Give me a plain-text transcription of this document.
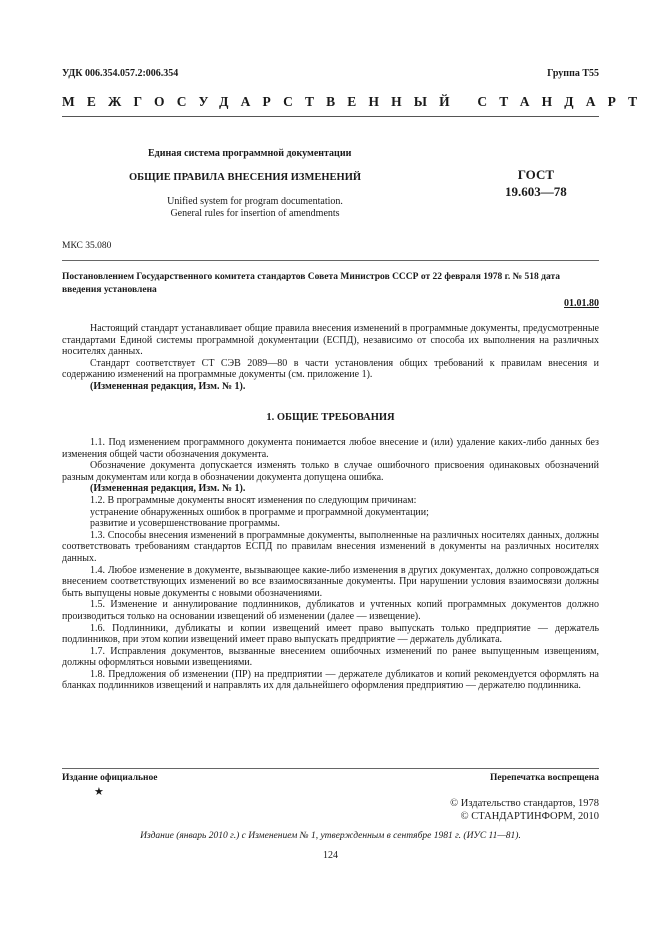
УДК 006.354.057.2:006.354	Группа Т55
МЕЖГОСУДАРСТВЕННЫЙ СТАНДАРТ
Единая система программной документации
ОБЩИЕ ПРАВИЛА ВНЕСЕНИЯ ИЗМЕНЕНИЙ	ГОСТ
19.603—78
Unified system for program documentation.
General rules for insertion of amendments
МКС 35.080
Постановлением Государственного комитета стандартов Совета Министров СССР от 22 февраля 1978 г. № 518 дата введения установлена
01.01.80

Настоящий стандарт устанавливает общие правила внесения изменений в программные документы, предусмотренные стандартами Единой системы программной документации (ЕСПД), независимо от способа их выполнения на различных носителях данных.

Стандарт соответствует СТ СЭВ 2089—80 в части установления общих требований к правилам внесения и содержанию изменений на программные документы (см. приложение 1).

(Измененная редакция, Изм. № 1).

1. ОБЩИЕ ТРЕБОВАНИЯ

1.1. Под изменением программного документа понимается любое внесение и (или) удаление каких-либо данных без изменения общей части обозначения документа.

Обозначение документа допускается изменять только в случае ошибочного присвоения одинаковых обозначений разным документам или когда в обозначении документа допущена ошибка.

(Измененная редакция, Изм. № 1).

1.2. В программные документы вносят изменения по следующим причинам:

устранение обнаруженных ошибок в программе и программной документации;

развитие и усовершенствование программы.

1.3. Способы внесения изменений в программные документы, выполненные на различных носителях данных, должны соответствовать требованиям стандартов ЕСПД по правилам внесения изменений в документы на различных носителях данных.

1.4. Любое изменение в документе, вызывающее какие-либо изменения в других документах, должно сопровождаться внесением соответствующих изменений во все взаимосвязанные документы. При нарушении условия взаимосвязи должны быть выпущены новые документы с новыми обозначениями.

1.5. Изменение и аннулирование подлинников, дубликатов и учтенных копий программных документов должно производиться только на основании извещений об изменении (далее — извещение).

1.6. Подлинники, дубликаты и копии извещений имеет право выпускать только предприятие — держатель подлинников, при этом копии извещений имеет право выпускать предприятие — держатель дубликата.

1.7. Исправления документов, вызванные внесением ошибочных изменений по ранее выпущенным извещениям, должны оформляться новыми извещениями.

1.8. Предложения об изменении (ПР) на предприятии — держателе дубликатов и копий рекомендуется оформлять на бланках подлинников извещений и направлять их для дальнейшего оформления предприятию — держателю подлинника.

Издание официальное
★
Перепечатка воспрещена
© Издательство стандартов, 1978
© СТАНДАРТИНФОРМ, 2010
Издание (январь 2010 г.) с Изменением № 1, утвержденным в сентябре 1981 г. (ИУС 11—81).
124
